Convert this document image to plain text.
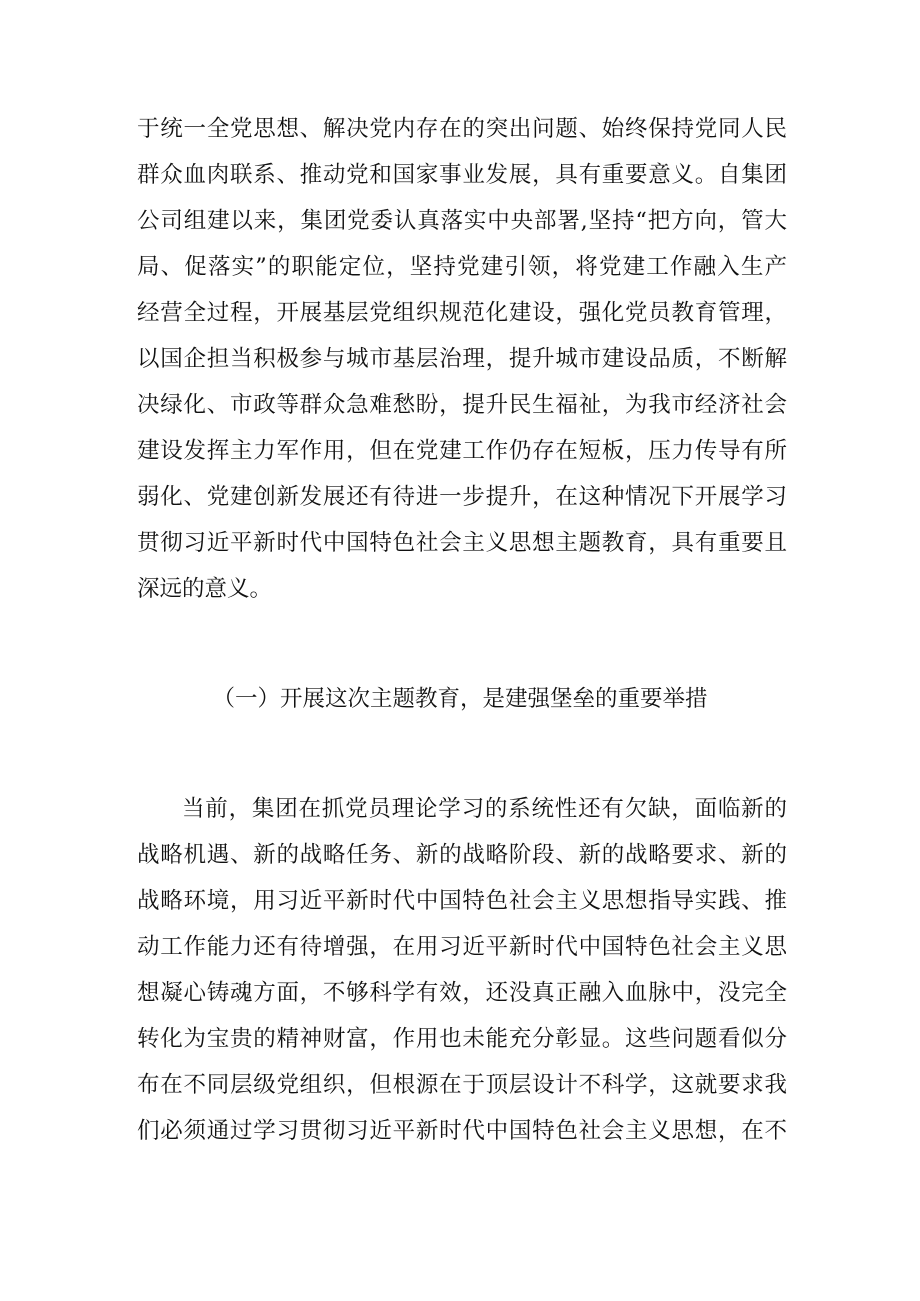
于统一全党思想、解决党内存在的突出问题、始终保持党同人民
群众血肉联系、推动党和国家事业发展，具有重要意义。自集团
公司组建以来，集团党委认真落实中央部署,坚持“把方向，管大
局、促落实”的职能定位，坚持党建引领，将党建工作融入生产
经营全过程，开展基层党组织规范化建设，强化党员教育管理，
以国企担当积极参与城市基层治理，提升城市建设品质，不断解
决绿化、市政等群众急难愁盼，提升民生福祉，为我市经济社会
建设发挥主力军作用，但在党建工作仍存在短板，压力传导有所
弱化、党建创新发展还有待进一步提升，在这种情况下开展学习
贯彻习近平新时代中国特色社会主义思想主题教育，具有重要且
深远的意义。
（一）开展这次主题教育，是建强堡垒的重要举措
当前，集团在抓党员理论学习的系统性还有欠缺，面临新的
战略机遇、新的战略任务、新的战略阶段、新的战略要求、新的
战略环境，用习近平新时代中国特色社会主义思想指导实践、推
动工作能力还有待增强，在用习近平新时代中国特色社会主义思
想凝心铸魂方面，不够科学有效，还没真正融入血脉中，没完全
转化为宝贵的精神财富，作用也未能充分彰显。这些问题看似分
布在不同层级党组织，但根源在于顶层设计不科学，这就要求我
们必须通过学习贯彻习近平新时代中国特色社会主义思想，在不
